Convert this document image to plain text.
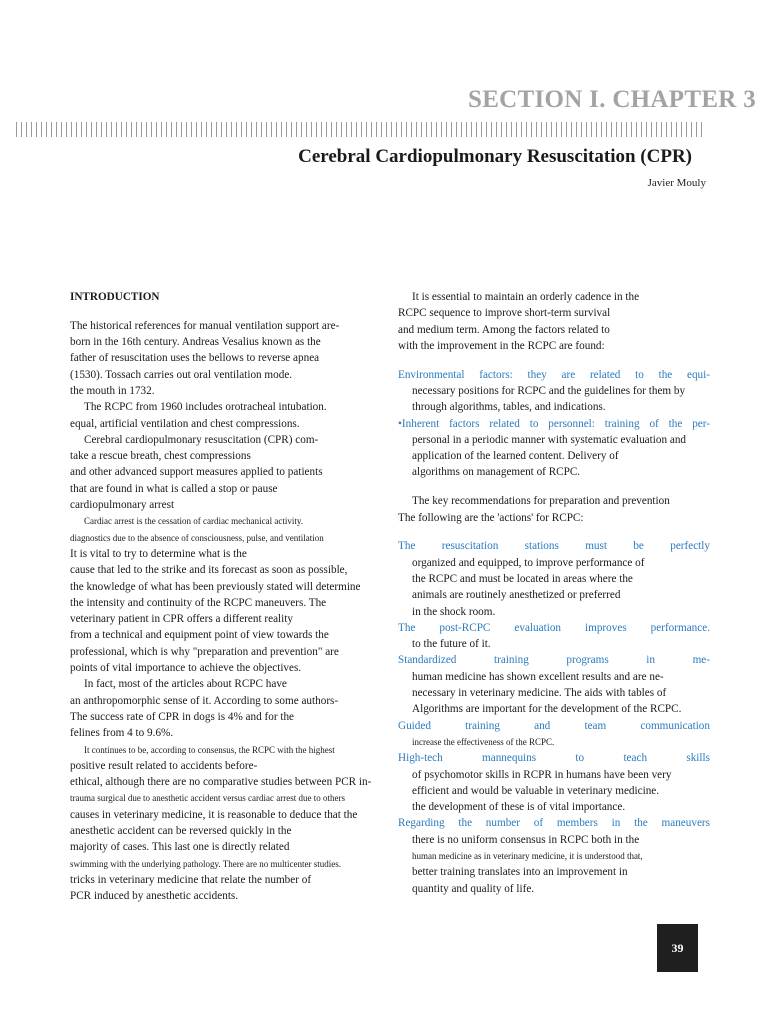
SECTION I. CHAPTER 3
Cerebral Cardiopulmonary Resuscitation (CPR)
Javier Mouly
INTRODUCTION
The historical references for manual ventilation support are-
born in the 16th century. Andreas Vesalius known as the
father of resuscitation uses the bellows to reverse apnea
(1530). Tossach carries out oral ventilation mode.
the mouth in 1732.
The RCPC from 1960 includes orotracheal intubation.
equal, artificial ventilation and chest compressions.
Cerebral cardiopulmonary resuscitation (CPR) com-
take a rescue breath, chest compressions
and other advanced support measures applied to patients
that are found in what is called a stop or pause
cardiopulmonary arrest
Cardiac arrest is the cessation of cardiac mechanical activity.
diagnostics due to the absence of consciousness, pulse, and ventilation
It is vital to try to determine what is the
cause that led to the strike and its forecast as soon as possible,
the knowledge of what has been previously stated will determine
the intensity and continuity of the RCPC maneuvers. The
veterinary patient in CPR offers a different reality
from a technical and equipment point of view towards the
professional, which is why "preparation and prevention" are
points of vital importance to achieve the objectives.
In fact, most of the articles about RCPC have
an anthropomorphic sense of it. According to some authors-
The success rate of CPR in dogs is 4% and for the
felines from 4 to 9.6%.
It continues to be, according to consensus, the RCPC with the highest
positive result related to accidents before-
ethical, although there are no comparative studies between PCR in-
trauma surgical due to anesthetic accident versus cardiac arrest due to others
causes in veterinary medicine, it is reasonable to deduce that the
anesthetic accident can be reversed quickly in the
majority of cases. This last one is directly related
swimming with the underlying pathology. There are no multicenter studies.
tricks in veterinary medicine that relate the number of
PCR induced by anesthetic accidents.
It is essential to maintain an orderly cadence in the
RCPC sequence to improve short-term survival
and medium term. Among the factors related to
with the improvement in the RCPC are found:
Environmental factors: they are related to the equi-
necessary positions for RCPC and the guidelines for them by
through algorithms, tables, and indications.
•Inherent factors related to personnel: training of the per-
personal in a periodic manner with systematic evaluation and
application of the learned content. Delivery of
algorithms on management of RCPC.
The key recommendations for preparation and prevention
The following are the 'actions' for RCPC:
The resuscitation stations must be perfectly
organized and equipped, to improve performance of
the RCPC and must be located in areas where the
animals are routinely anesthetized or preferred
in the shock room.
The post-RCPC evaluation improves performance.
to the future of it.
Standardized training programs in me-
human medicine has shown excellent results and are ne-
necessary in veterinary medicine. The aids with tables of
Algorithms are important for the development of the RCPC.
Guided training and team communication
increase the effectiveness of the RCPC.
High-tech mannequins to teach skills
of psychomotor skills in RCPR in humans have been very
efficient and would be valuable in veterinary medicine.
the development of these is of vital importance.
Regarding the number of members in the maneuvers
there is no uniform consensus in RCPC both in the
human medicine as in veterinary medicine, it is understood that,
better training translates into an improvement in
quantity and quality of life.
39
